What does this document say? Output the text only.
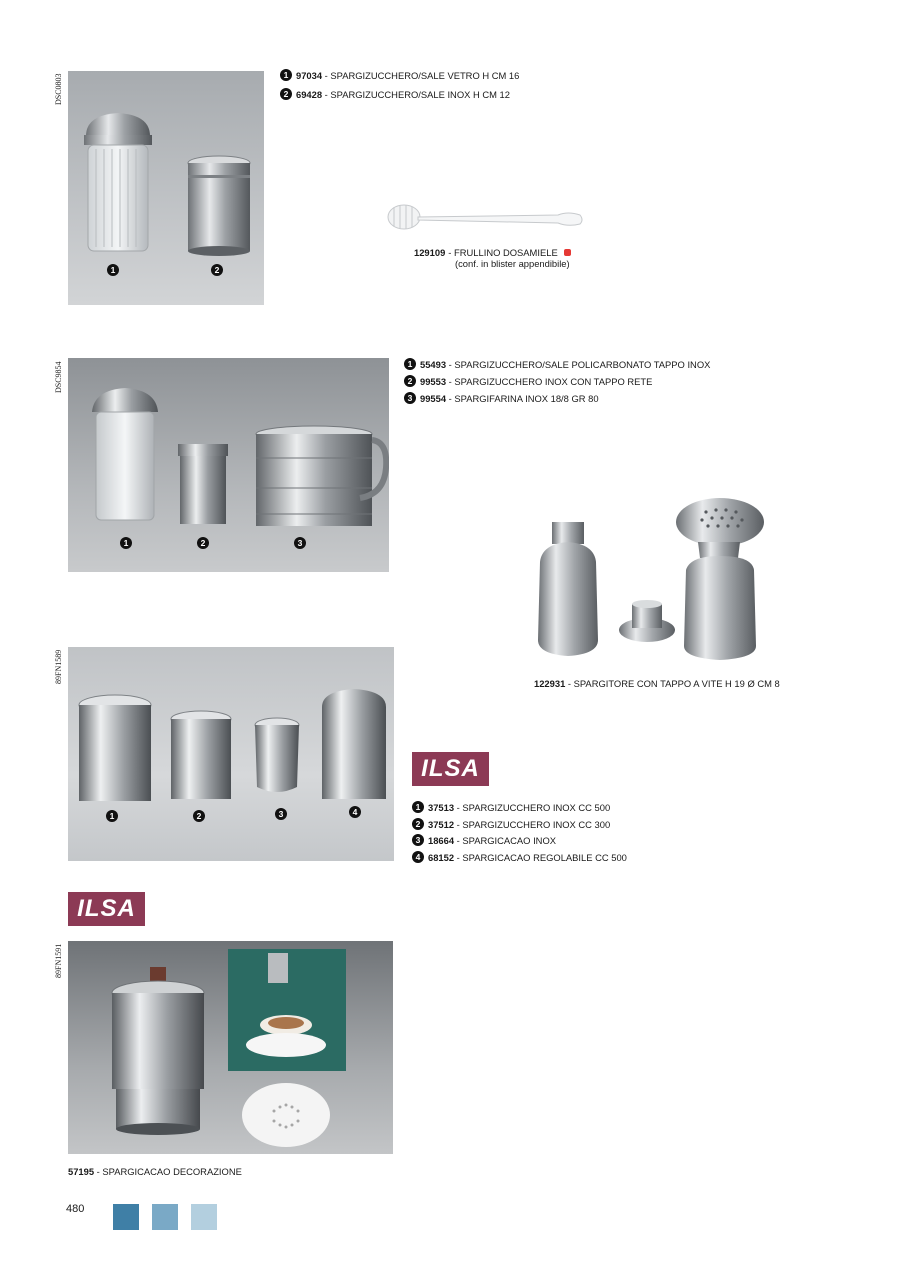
DSC0803
1	2
1 97034 - SPARGIZUCCHERO/SALE VETRO H CM 16
2 69428 - SPARGIZUCCHERO/SALE INOX H CM 12
129109 - FRULLINO DOSAMIELE
(conf. in blister appendibile)
DSC9854
1	2	3
1 55493 - SPARGIZUCCHERO/SALE POLICARBONATO TAPPO INOX
2 99553 - SPARGIZUCCHERO INOX CON TAPPO RETE
3 99554 - SPARGIFARINA INOX 18/8 GR 80
122931 - SPARGITORE CON TAPPO A VITE H 19 Ø CM 8
89FN1589
1	2	3	4
ILSA
1 37513 - SPARGIZUCCHERO INOX CC 500
2 37512 - SPARGIZUCCHERO INOX CC 300
3 18664 - SPARGICACAO INOX
4 68152 - SPARGICACAO REGOLABILE CC 500
ILSA
89FN1591
57195 - SPARGICACAO DECORAZIONE
480
